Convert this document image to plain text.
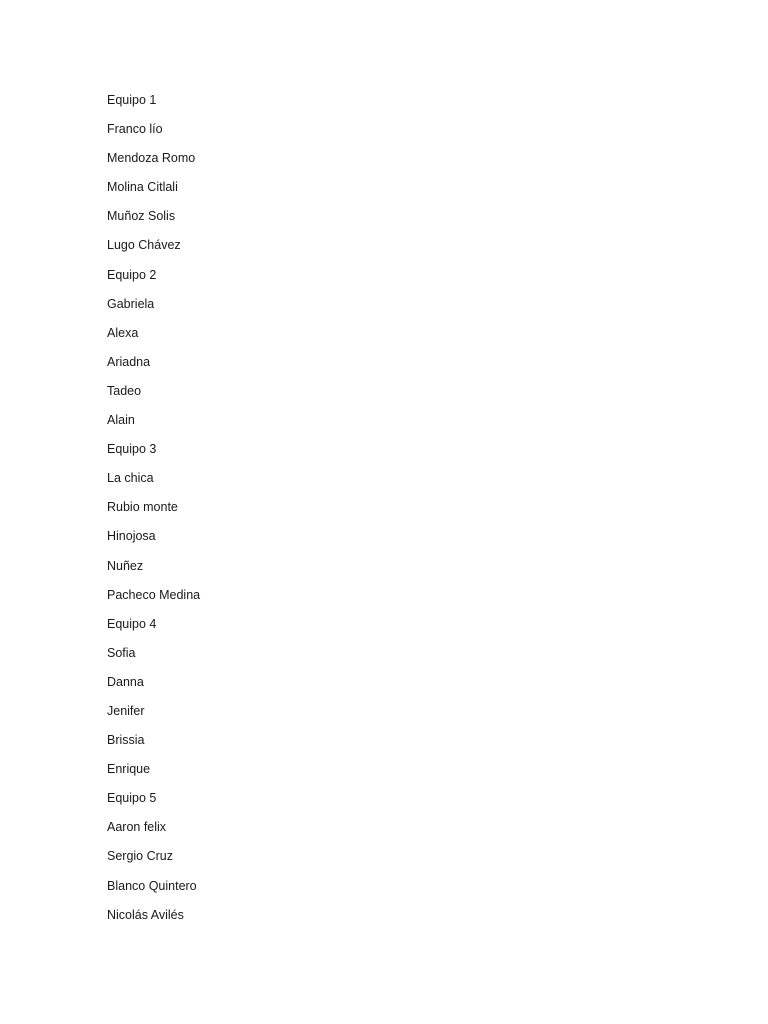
Equipo 1
Franco lío
Mendoza Romo
Molina Citlali
Muñoz Solis
Lugo Chávez
Equipo 2
Gabriela
Alexa
Ariadna
Tadeo
Alain
Equipo 3
La chica
Rubio monte
Hinojosa
Nuñez
Pacheco Medina
Equipo 4
Sofia
Danna
Jenifer
Brissia
Enrique
Equipo 5
Aaron felix
Sergio Cruz
Blanco Quintero
Nicolás Avilés
